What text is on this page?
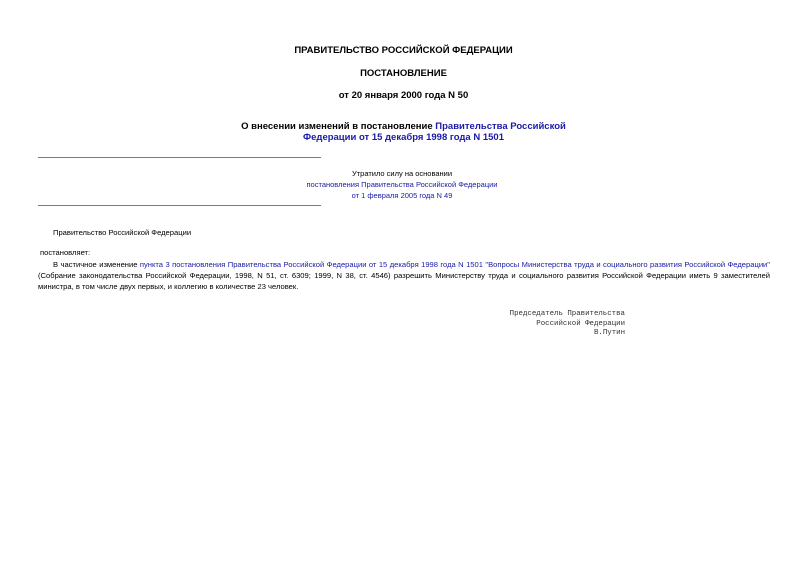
ПРАВИТЕЛЬСТВО РОССИЙСКОЙ ФЕДЕРАЦИИ
ПОСТАНОВЛЕНИЕ
от 20 января 2000 года N 50
О внесении изменений в постановление Правительства Российской
Федерации от 15 декабря 1998 года N 1501
Утратило силу на основании
постановления Правительства Российской Федерации
от 1 февраля 2005 года N 49
Правительство Российской Федерации
постановляет:
В частичное изменение пункта 3 постановления Правительства Российской Федерации от 15 декабря 1998 года N 1501 "Вопросы Министерства труда и социального развития Российской Федерации" (Собрание законодательства Российской Федерации, 1998, N 51, ст. 6309; 1999, N 38, ст. 4546) разрешить Министерству труда и социального развития Российской Федерации иметь 9 заместителей министра, в том числе двух первых, и коллегию в количестве 23 человек.
Председатель Правительства
Российской Федерации
В.Путин
